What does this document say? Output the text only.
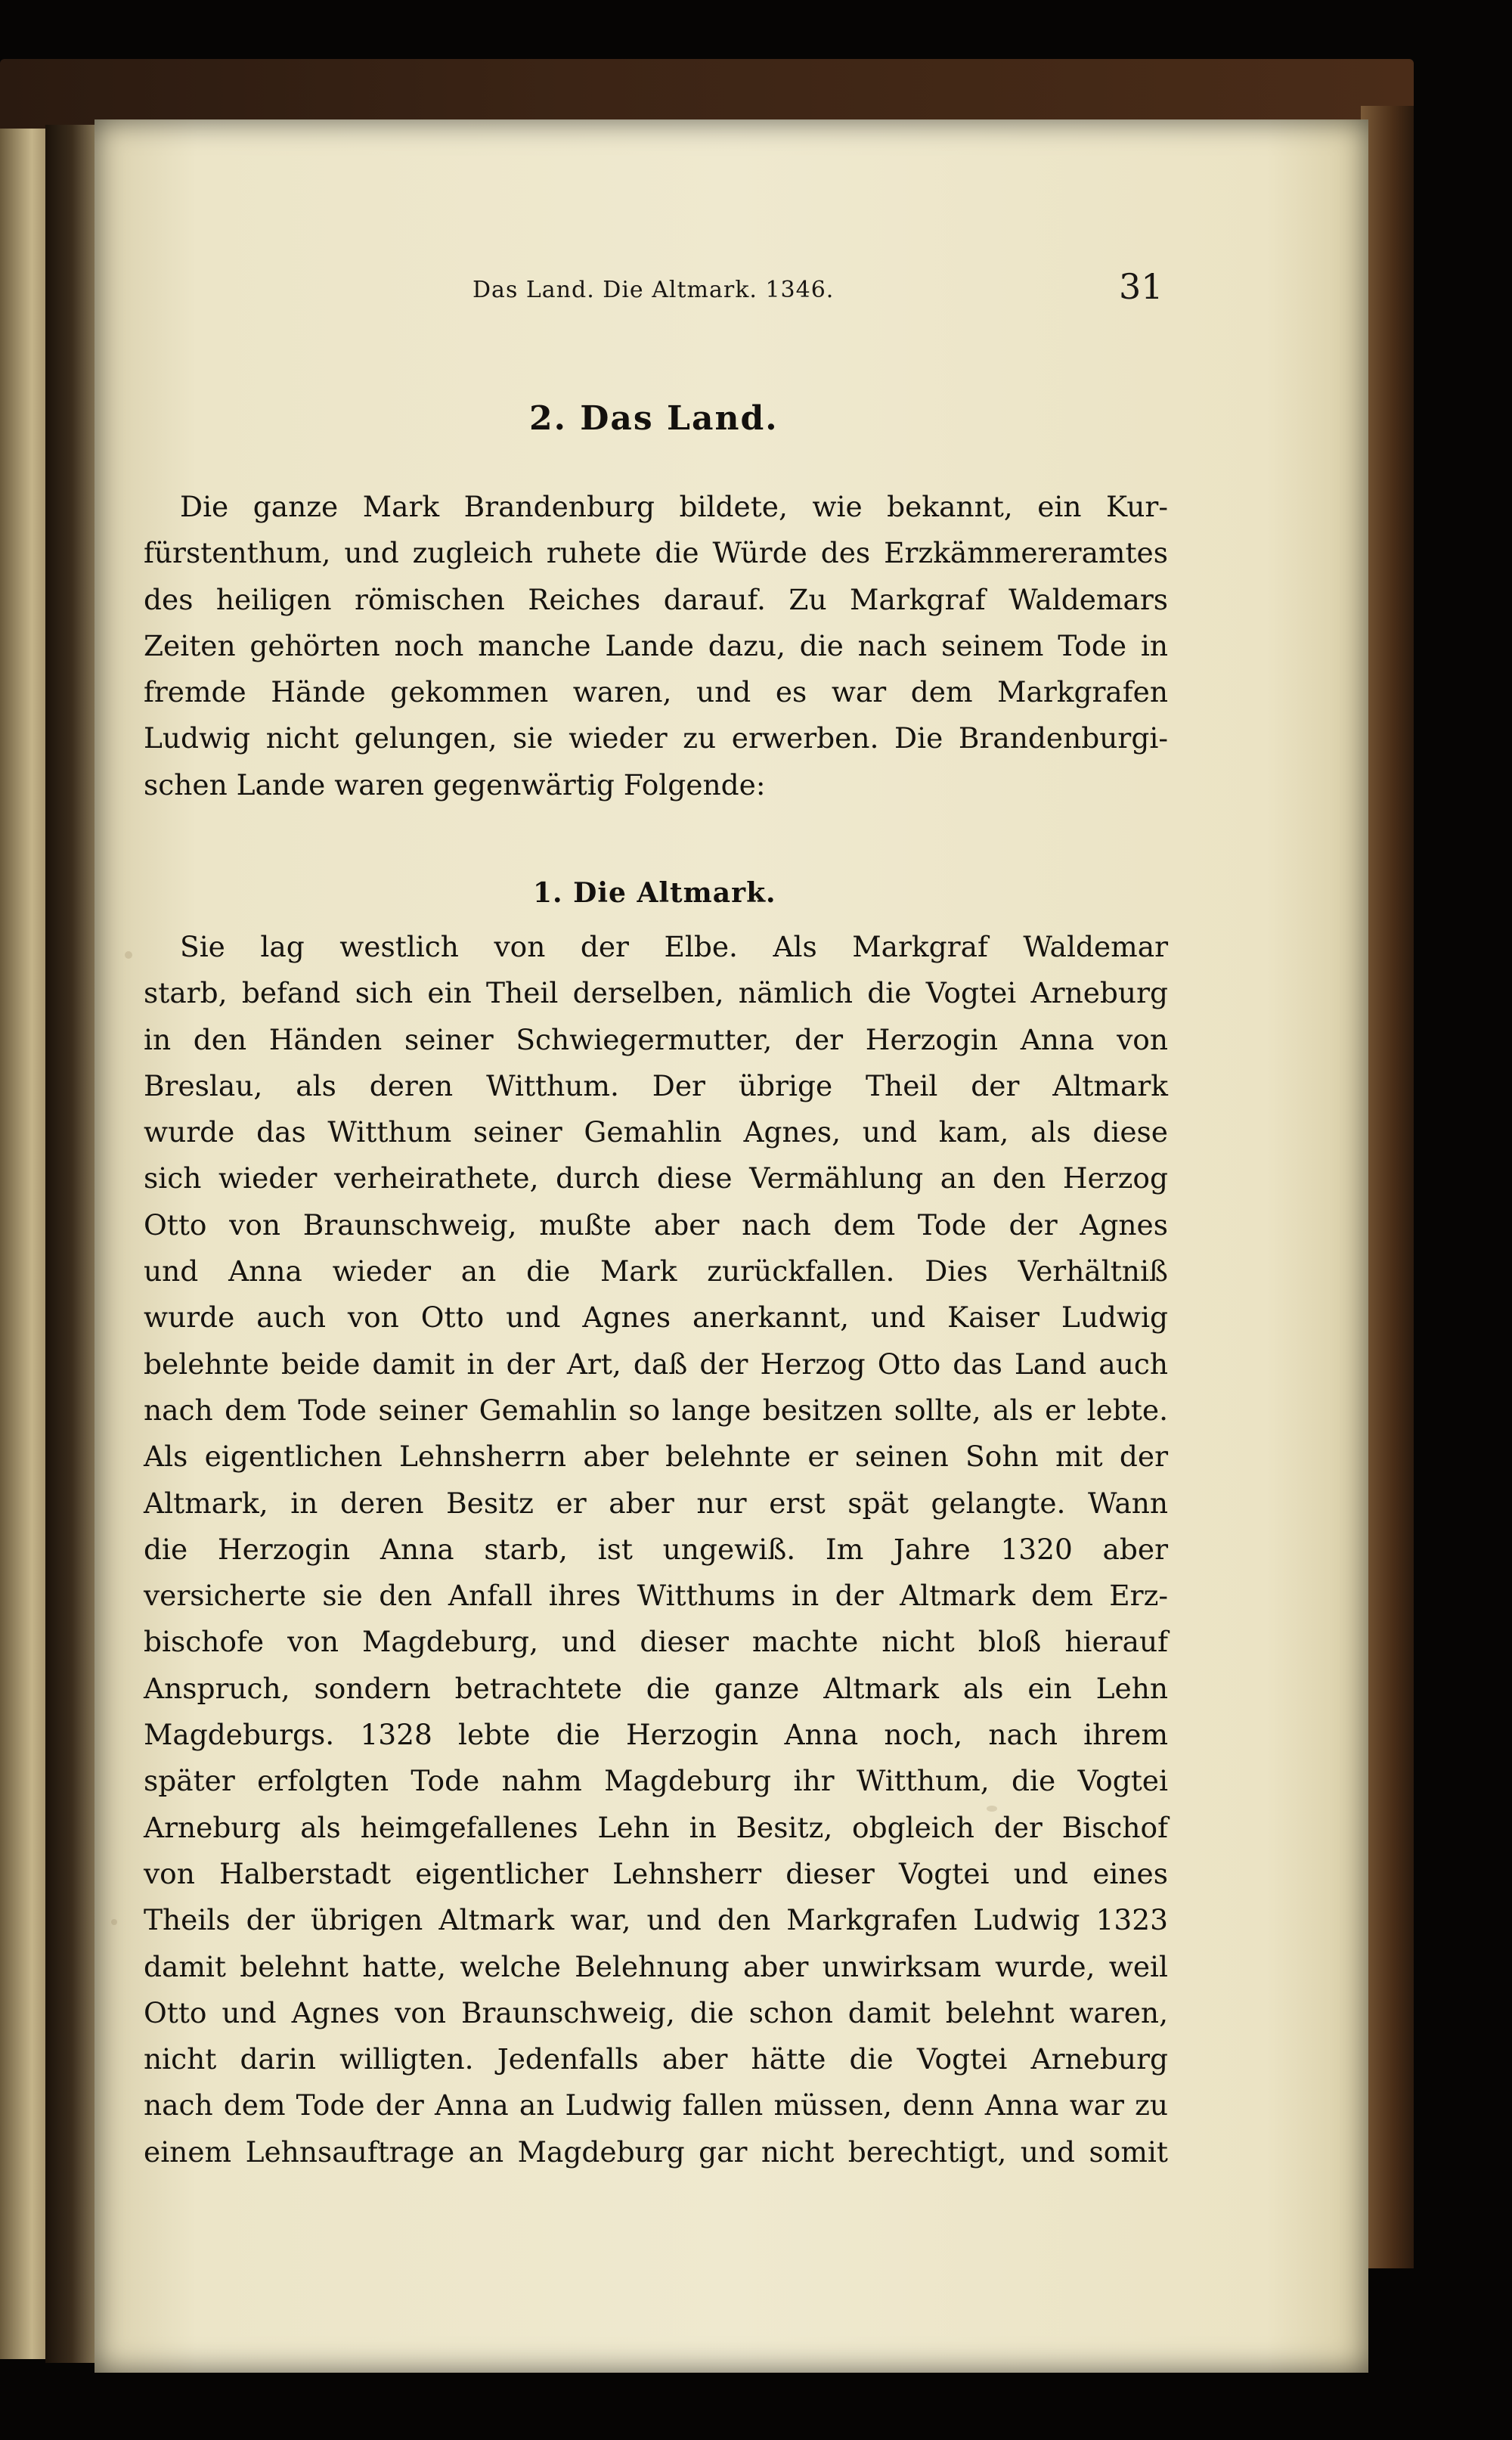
Das Land. Die Altmark. 1346.	31
2. Das Land.
Die ganze Mark Brandenburg bildete, wie bekannt, ein Kur-
fürstenthum, und zugleich ruhete die Würde des Erzkämmereramtes
des heiligen römischen Reiches darauf. Zu Markgraf Waldemars
Zeiten gehörten noch manche Lande dazu, die nach seinem Tode in
fremde Hände gekommen waren, und es war dem Markgrafen
Ludwig nicht gelungen, sie wieder zu erwerben. Die Brandenburgi-
schen Lande waren gegenwärtig Folgende:
1. Die Altmark.
Sie lag westlich von der Elbe. Als Markgraf Waldemar
starb, befand sich ein Theil derselben, nämlich die Vogtei Arneburg
in den Händen seiner Schwiegermutter, der Herzogin Anna von
Breslau, als deren Witthum. Der übrige Theil der Altmark
wurde das Witthum seiner Gemahlin Agnes, und kam, als diese
sich wieder verheirathete, durch diese Vermählung an den Herzog
Otto von Braunschweig, mußte aber nach dem Tode der Agnes
und Anna wieder an die Mark zurückfallen. Dies Verhältniß
wurde auch von Otto und Agnes anerkannt, und Kaiser Ludwig
belehnte beide damit in der Art, daß der Herzog Otto das Land auch
nach dem Tode seiner Gemahlin so lange besitzen sollte, als er lebte.
Als eigentlichen Lehnsherrn aber belehnte er seinen Sohn mit der
Altmark, in deren Besitz er aber nur erst spät gelangte. Wann
die Herzogin Anna starb, ist ungewiß. Im Jahre 1320 aber
versicherte sie den Anfall ihres Witthums in der Altmark dem Erz-
bischofe von Magdeburg, und dieser machte nicht bloß hierauf
Anspruch, sondern betrachtete die ganze Altmark als ein Lehn
Magdeburgs. 1328 lebte die Herzogin Anna noch, nach ihrem
später erfolgten Tode nahm Magdeburg ihr Witthum, die Vogtei
Arneburg als heimgefallenes Lehn in Besitz, obgleich der Bischof
von Halberstadt eigentlicher Lehnsherr dieser Vogtei und eines
Theils der übrigen Altmark war, und den Markgrafen Ludwig 1323
damit belehnt hatte, welche Belehnung aber unwirksam wurde, weil
Otto und Agnes von Braunschweig, die schon damit belehnt waren,
nicht darin willigten. Jedenfalls aber hätte die Vogtei Arneburg
nach dem Tode der Anna an Ludwig fallen müssen, denn Anna war zu
einem Lehnsauftrage an Magdeburg gar nicht berechtigt, und somit
